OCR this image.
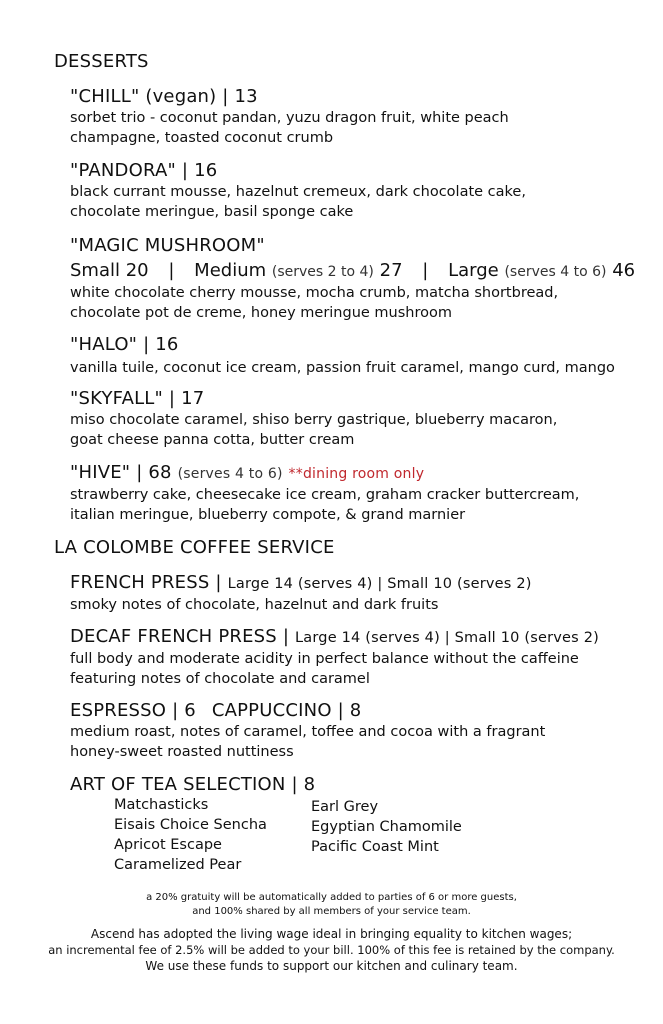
DESSERTS
"CHILL" (vegan) | 13
sorbet trio - coconut pandan, yuzu dragon fruit, white peach
champagne, toasted coconut crumb
"PANDORA" | 16
black currant mousse, hazelnut cremeux, dark chocolate cake,
chocolate meringue, basil sponge cake
"MAGIC MUSHROOM"
Small 20 | Medium (serves 2 to 4) 27 | Large (serves 4 to 6) 46
white chocolate cherry mousse, mocha crumb, matcha shortbread,
chocolate pot de creme, honey meringue mushroom
"HALO" | 16
vanilla tuile, coconut ice cream, passion fruit caramel, mango curd, mango
"SKYFALL" | 17
miso chocolate caramel, shiso berry gastrique, blueberry macaron,
goat cheese panna cotta, butter cream
"HIVE" | 68 (serves 4 to 6) **dining room only
strawberry cake, cheesecake ice cream, graham cracker buttercream,
italian meringue, blueberry compote, & grand marnier
LA COLOMBE COFFEE SERVICE
FRENCH PRESS | Large 14 (serves 4) | Small 10 (serves 2)
smoky notes of chocolate, hazelnut and dark fruits
DECAF FRENCH PRESS | Large 14 (serves 4) | Small 10 (serves 2)
full body and moderate acidity in perfect balance without the caffeine
featuring notes of chocolate and caramel
ESPRESSO | 6 CAPPUCCINO | 8
medium roast, notes of caramel, toffee and cocoa with a fragrant
honey-sweet roasted nuttiness
ART OF TEA SELECTION | 8
Matchasticks
Eisais Choice Sencha
Apricot Escape
Caramelized Pear
Earl Grey
Egyptian Chamomile
Pacific Coast Mint
a 20% gratuity will be automatically added to parties of 6 or more guests,
and 100% shared by all members of your service team.
Ascend has adopted the living wage ideal in bringing equality to kitchen wages;
an incremental fee of 2.5% will be added to your bill. 100% of this fee is retained by the company.
We use these funds to support our kitchen and culinary team.
